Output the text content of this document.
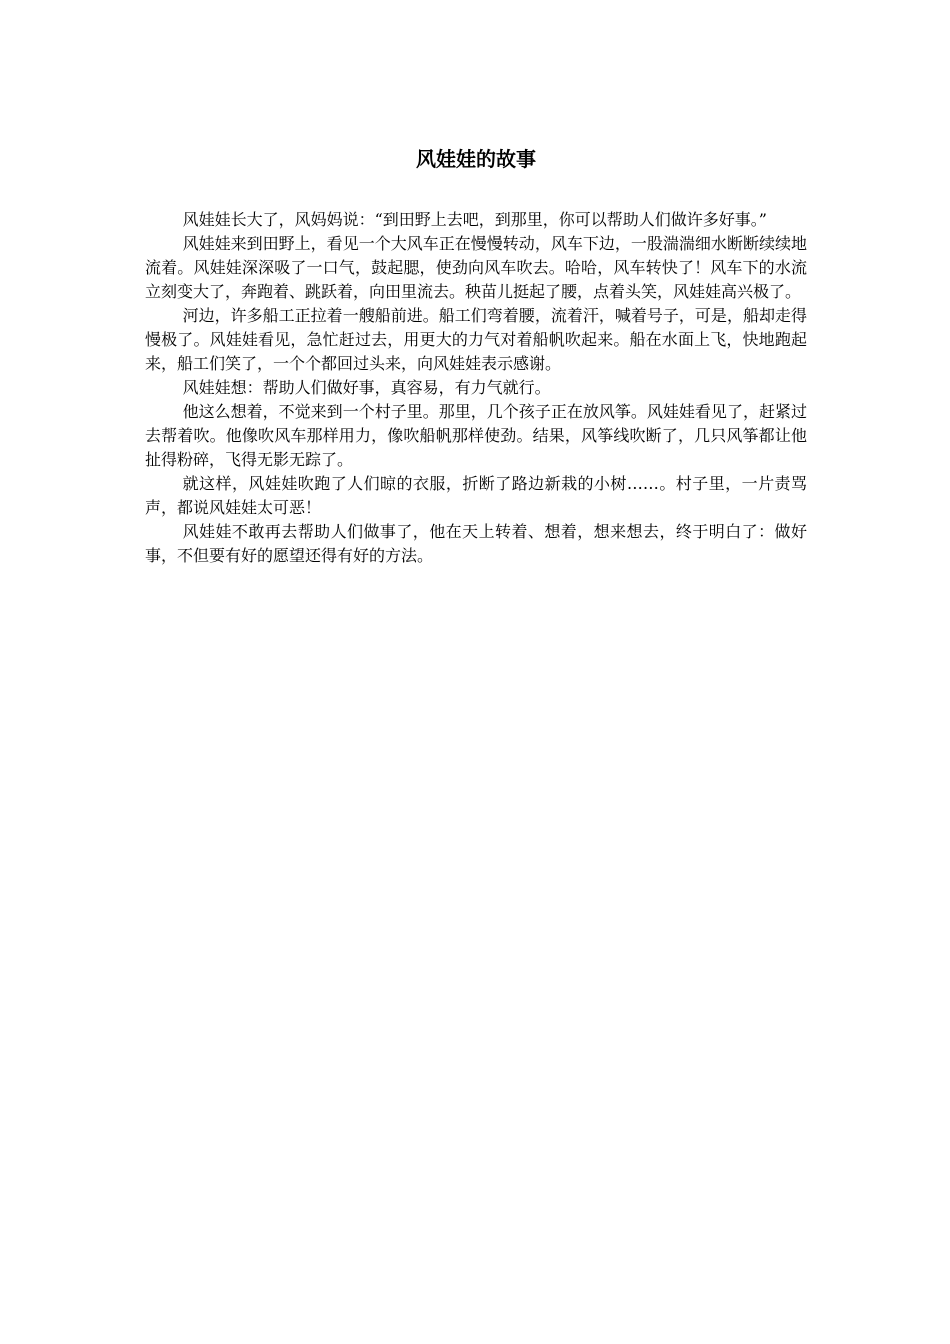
风娃娃的故事

风娃娃长大了，风妈妈说：“到田野上去吧，到那里，你可以帮助人们做许多好事。”

风娃娃来到田野上，看见一个大风车正在慢慢转动，风车下边，一股湍湍细水断断续续地流着。风娃娃深深吸了一口气，鼓起腮，使劲向风车吹去。哈哈，风车转快了！风车下的水流立刻变大了，奔跑着、跳跃着，向田里流去。秧苗儿挺起了腰，点着头笑，风娃娃高兴极了。

河边，许多船工正拉着一艘船前进。船工们弯着腰，流着汗，喊着号子，可是，船却走得慢极了。风娃娃看见，急忙赶过去，用更大的力气对着船帆吹起来。船在水面上飞，快地跑起来，船工们笑了，一个个都回过头来，向风娃娃表示感谢。

风娃娃想：帮助人们做好事，真容易，有力气就行。

他这么想着，不觉来到一个村子里。那里，几个孩子正在放风筝。风娃娃看见了，赶紧过去帮着吹。他像吹风车那样用力，像吹船帆那样使劲。结果，风筝线吹断了，几只风筝都让他扯得粉碎，飞得无影无踪了。

就这样，风娃娃吹跑了人们晾的衣服，折断了路边新栽的小树……。村子里，一片责骂声，都说风娃娃太可恶！

风娃娃不敢再去帮助人们做事了，他在天上转着、想着，想来想去，终于明白了：做好事，不但要有好的愿望还得有好的方法。
